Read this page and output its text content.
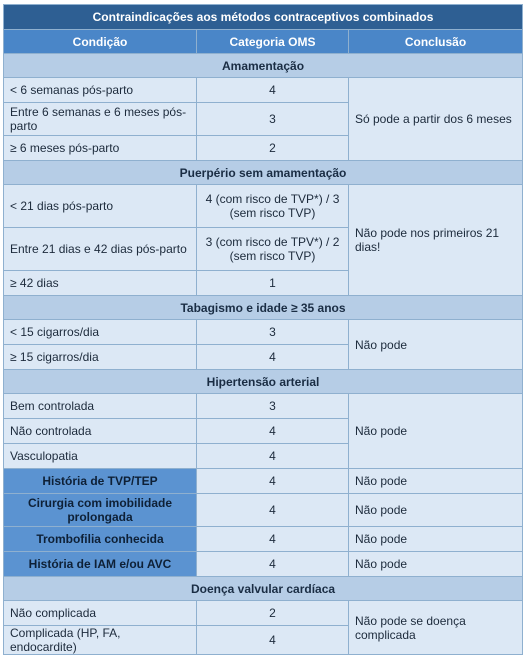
Contraindicações aos métodos contraceptivos combinados		
Condição	Categoria OMS	Conclusão
Amamentação		
< 6 semanas pós-parto	4	Só pode a partir dos 6 meses
Entre 6 semanas e 6 meses pós-parto	3	
≥ 6 meses pós-parto	2	
Puerpério sem amamentação		
< 21 dias pós-parto	4 (com risco de TVP*) / 3 (sem risco TVP)	Não pode nos primeiros 21 dias!
Entre 21 dias e 42 dias pós-parto	3 (com risco de TPV*) / 2 (sem risco TVP)	
≥ 42 dias	1	
Tabagismo e idade ≥ 35 anos		
< 15 cigarros/dia	3	Não pode
≥ 15 cigarros/dia	4	
Hipertensão arterial		
Bem controlada	3	Não pode
Não controlada	4	
Vasculopatia	4	
História de TVP/TEP	4	Não pode
Cirurgia com imobilidade prolongada	4	Não pode
Trombofilia conhecida	4	Não pode
História de IAM e/ou AVC	4	Não pode
Doença valvular cardíaca		
Não complicada	2	Não pode se doença complicada
Complicada (HP, FA, endocardite)	4	
